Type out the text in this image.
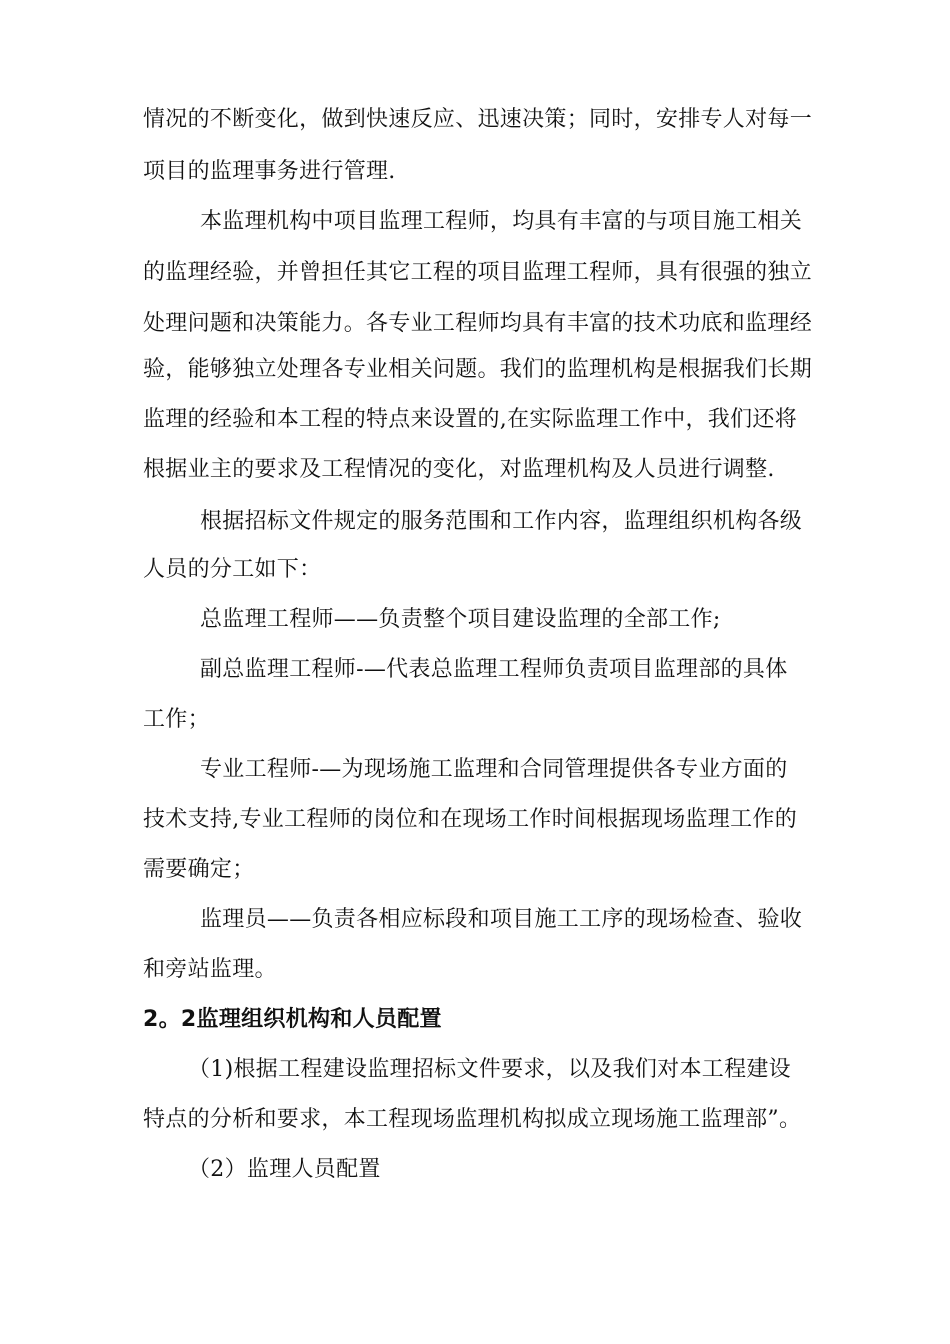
情况的不断变化，做到快速反应、迅速决策；同时，安排专人对每一
项目的监理事务进行管理.
本监理机构中项目监理工程师，均具有丰富的与项目施工相关
的监理经验，并曾担任其它工程的项目监理工程师，具有很强的独立
处理问题和决策能力。各专业工程师均具有丰富的技术功底和监理经
验，能够独立处理各专业相关问题。我们的监理机构是根据我们长期
监理的经验和本工程的特点来设置的,在实际监理工作中，我们还将
根据业主的要求及工程情况的变化，对监理机构及人员进行调整.
根据招标文件规定的服务范围和工作内容，监理组织机构各级
人员的分工如下：
总监理工程师——负责整个项目建设监理的全部工作;
副总监理工程师-—代表总监理工程师负责项目监理部的具体
工作；
专业工程师-—为现场施工监理和合同管理提供各专业方面的
技术支持,专业工程师的岗位和在现场工作时间根据现场监理工作的
需要确定；
监理员——负责各相应标段和项目施工工序的现场检查、验收
和旁站监理。
2。2监理组织机构和人员配置
（1)根据工程建设监理招标文件要求，以及我们对本工程建设
特点的分析和要求，本工程现场监理机构拟成立现场施工监理部”。
（2）监理人员配置
